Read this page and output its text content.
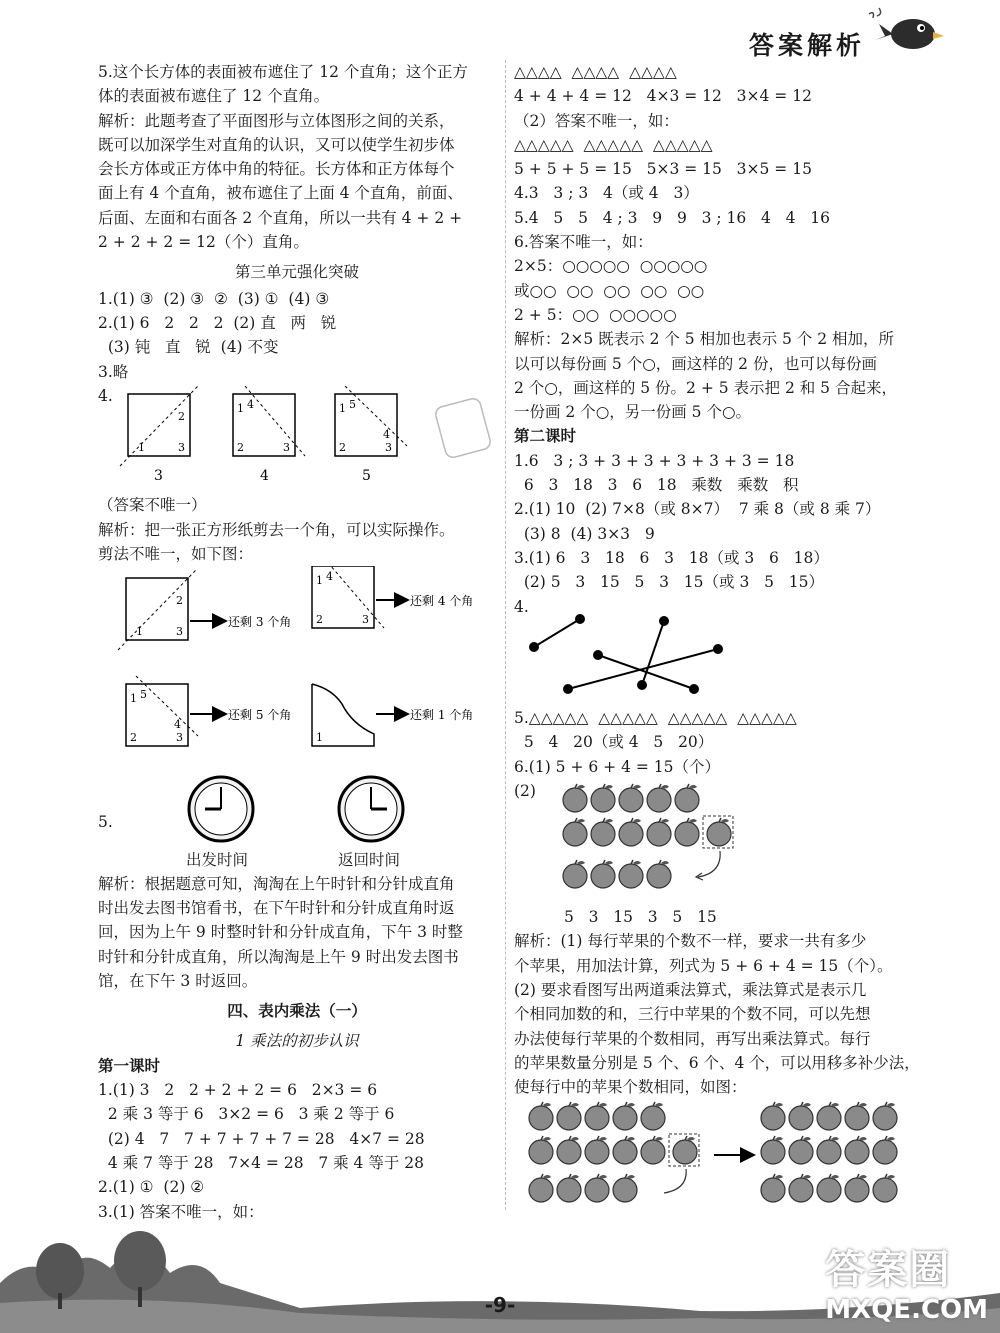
答案解析
5.这个长方体的表面被布遮住了 12 个直角；这个正方
体的表面被布遮住了 12 个直角。
解析：此题考查了平面图形与立体图形之间的关系，
既可以加深学生对直角的认识，又可以使学生初步体
会长方体或正方体中角的特征。长方体和正方体每个
面上有 4 个直角，被布遮住了上面 4 个直角，前面、
后面、左面和右面各 2 个直角，所以一共有 4 + 2 +
2 + 2 + 2 = 12（个）直角。
第三单元强化突破
1.(1) ③  (2) ③  ②  (3) ①  (4) ③
2.(1) 6   2   2   2  (2) 直   两   锐
(3) 钝   直   锐  (4) 不变
3.略
4.
1
2
3
1 4
2	3
1 5
4
2	3
3	4	5
（答案不唯一）
解析：把一张正方形纸剪去一个角，可以实际操作。
剪法不唯一，如下图：
1
2
3
还剩 3 个角
1 4
2	3
还剩 4 个角
1 5
4
2	3
还剩 5 个角
1
还剩 1 个角
5.
出发时间	返回时间
解析：根据题意可知，淘淘在上午时针和分针成直角
时出发去图书馆看书，在下午时针和分针成直角时返
回，因为上午 9 时整时针和分针成直角，下午 3 时整
时针和分针成直角，所以淘淘是上午 9 时出发去图书
馆，在下午 3 时返回。
四、表内乘法（一）
1 乘法的初步认识
第一课时
1.(1) 3   2   2 + 2 + 2 = 6   2×3 = 6
2 乘 3 等于 6   3×2 = 6   3 乘 2 等于 6
(2) 4   7   7 + 7 + 7 + 7 = 28   4×7 = 28
4 乘 7 等于 28   7×4 = 28   7 乘 4 等于 28
2.(1) ①  (2) ②
3.(1) 答案不唯一，如：
△△△△  △△△△  △△△△
4 + 4 + 4 = 12   4×3 = 12   3×4 = 12
（2）答案不唯一，如：
△△△△△  △△△△△  △△△△△
5 + 5 + 5 = 15   5×3 = 15   3×5 = 15
4.3   3 ; 3   4（或 4   3）
5.4   5   5   4 ; 3   9   9   3 ; 16   4   4   16
6.答案不唯一，如：
2×5：○○○○○  ○○○○○
或○○  ○○  ○○  ○○  ○○
2 + 5：○○  ○○○○○
解析：2×5 既表示 2 个 5 相加也表示 5 个 2 相加，所
以可以每份画 5 个○，画这样的 2 份，也可以每份画
2 个○，画这样的 5 份。2 + 5 表示把 2 和 5 合起来，
一份画 2 个○，另一份画 5 个○。
第二课时
1.6   3 ; 3 + 3 + 3 + 3 + 3 + 3 = 18
6   3   18   3   6   18   乘数   乘数   积
2.(1) 10  (2) 7×8（或 8×7）  7 乘 8（或 8 乘 7）
(3) 8  (4) 3×3   9
3.(1) 6   3   18   6   3   18（或 3   6   18）
(2) 5   3   15   5   3   15（或 3   5   15）
4.
5.△△△△△  △△△△△  △△△△△  △△△△△
5   4   20（或 4   5   20）
6.(1) 5 + 6 + 4 = 15（个）
(2)
5   3   15   3   5   15
解析：(1) 每行苹果的个数不一样，要求一共有多少
个苹果，用加法计算，列式为 5 + 6 + 4 = 15（个）。
(2) 要求看图写出两道乘法算式，乘法算式是表示几
个相同加数的和，三行中苹果的个数不同，可以先想
办法使每行苹果的个数相同，再写出乘法算式。每行
的苹果数量分别是 5 个、6 个、4 个，可以用移多补少法，
使每行中的苹果个数相同，如图：
-9-
答案圈
MXQE.COM
